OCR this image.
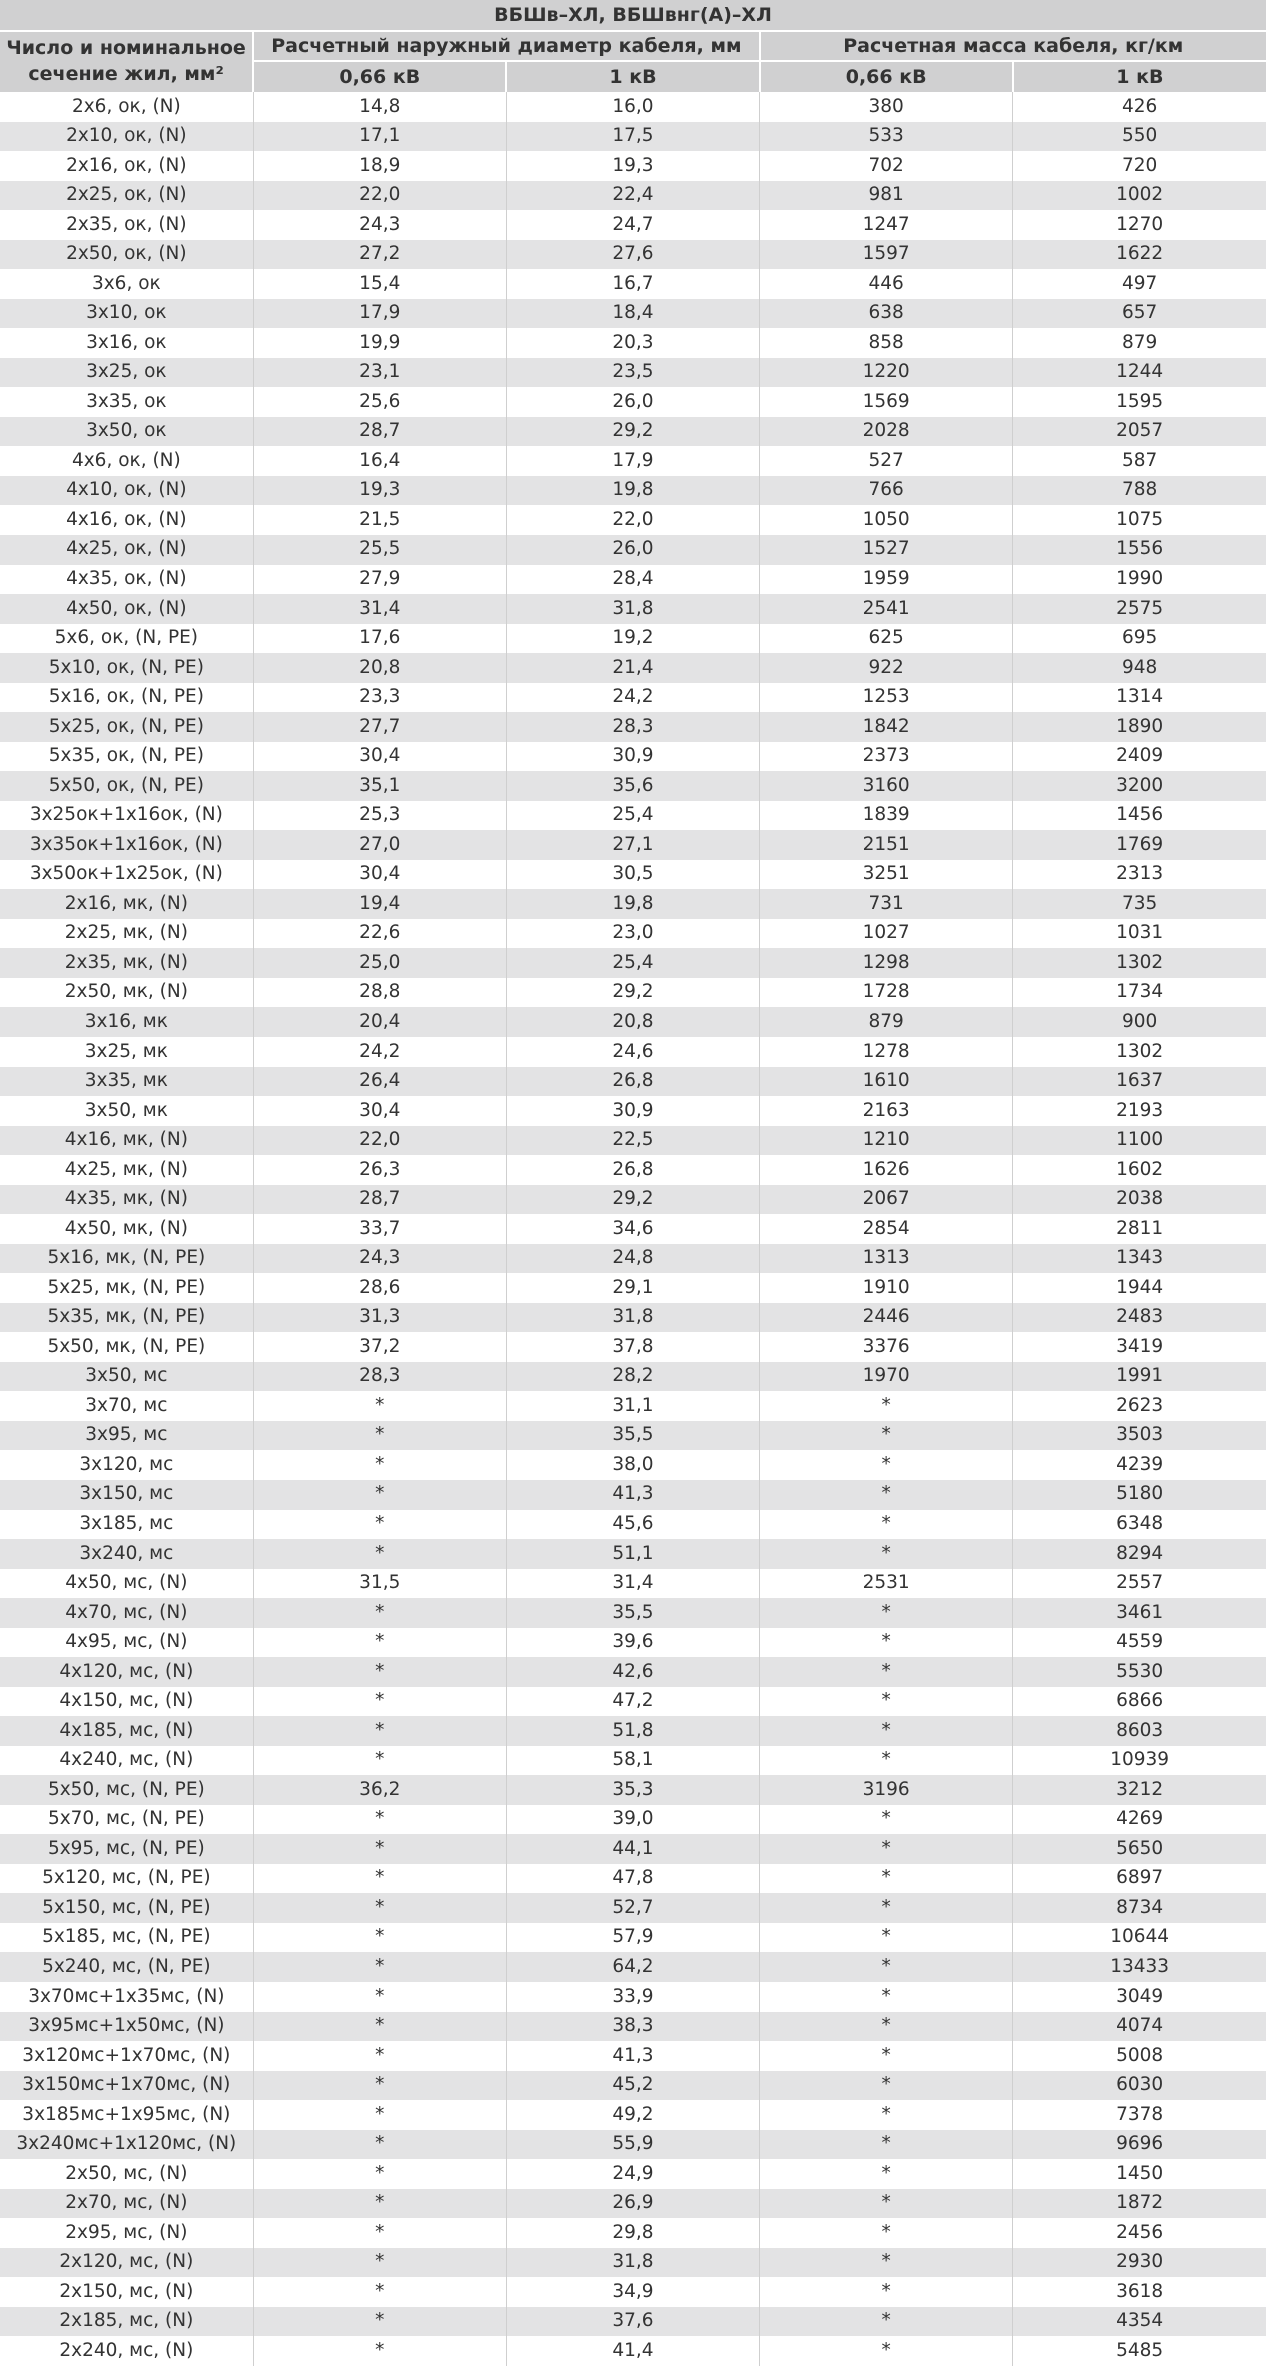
ВБШв–ХЛ, ВБШвнг(А)–ХЛ				
Число и номинальное сечение жил, мм²	Расчетный наружный диаметр кабеля, мм		Расчетная масса кабеля, кг/км	
	0,66 кВ	1 кВ	0,66 кВ	1 кВ
2х6, ок, (N)	14,8	16,0	380	426
2х10, ок, (N)	17,1	17,5	533	550
2х16, ок, (N)	18,9	19,3	702	720
2х25, ок, (N)	22,0	22,4	981	1002
2х35, ок, (N)	24,3	24,7	1247	1270
2х50, ок, (N)	27,2	27,6	1597	1622
3х6, ок	15,4	16,7	446	497
3х10, ок	17,9	18,4	638	657
3х16, ок	19,9	20,3	858	879
3х25, ок	23,1	23,5	1220	1244
3х35, ок	25,6	26,0	1569	1595
3х50, ок	28,7	29,2	2028	2057
4х6, ок, (N)	16,4	17,9	527	587
4х10, ок, (N)	19,3	19,8	766	788
4х16, ок, (N)	21,5	22,0	1050	1075
4х25, ок, (N)	25,5	26,0	1527	1556
4х35, ок, (N)	27,9	28,4	1959	1990
4х50, ок, (N)	31,4	31,8	2541	2575
5х6, ок, (N, PE)	17,6	19,2	625	695
5х10, ок, (N, PE)	20,8	21,4	922	948
5х16, ок, (N, PE)	23,3	24,2	1253	1314
5х25, ок, (N, PE)	27,7	28,3	1842	1890
5х35, ок, (N, PE)	30,4	30,9	2373	2409
5х50, ок, (N, PE)	35,1	35,6	3160	3200
3х25ок+1х16ок, (N)	25,3	25,4	1839	1456
3х35ок+1х16ок, (N)	27,0	27,1	2151	1769
3х50ок+1х25ок, (N)	30,4	30,5	3251	2313
2х16, мк, (N)	19,4	19,8	731	735
2х25, мк, (N)	22,6	23,0	1027	1031
2х35, мк, (N)	25,0	25,4	1298	1302
2х50, мк, (N)	28,8	29,2	1728	1734
3х16, мк	20,4	20,8	879	900
3х25, мк	24,2	24,6	1278	1302
3х35, мк	26,4	26,8	1610	1637
3х50, мк	30,4	30,9	2163	2193
4х16, мк, (N)	22,0	22,5	1210	1100
4х25, мк, (N)	26,3	26,8	1626	1602
4х35, мк, (N)	28,7	29,2	2067	2038
4х50, мк, (N)	33,7	34,6	2854	2811
5х16, мк, (N, PE)	24,3	24,8	1313	1343
5х25, мк, (N, PE)	28,6	29,1	1910	1944
5х35, мк, (N, PE)	31,3	31,8	2446	2483
5х50, мк, (N, PE)	37,2	37,8	3376	3419
3х50, мс	28,3	28,2	1970	1991
3х70, мс	*	31,1	*	2623
3х95, мс	*	35,5	*	3503
3х120, мс	*	38,0	*	4239
3х150, мс	*	41,3	*	5180
3х185, мс	*	45,6	*	6348
3х240, мс	*	51,1	*	8294
4х50, мс, (N)	31,5	31,4	2531	2557
4х70, мс, (N)	*	35,5	*	3461
4х95, мс, (N)	*	39,6	*	4559
4х120, мс, (N)	*	42,6	*	5530
4х150, мс, (N)	*	47,2	*	6866
4х185, мс, (N)	*	51,8	*	8603
4х240, мс, (N)	*	58,1	*	10939
5х50, мс, (N, PE)	36,2	35,3	3196	3212
5х70, мс, (N, PE)	*	39,0	*	4269
5х95, мс, (N, PE)	*	44,1	*	5650
5х120, мс, (N, PE)	*	47,8	*	6897
5х150, мс, (N, PE)	*	52,7	*	8734
5х185, мс, (N, PE)	*	57,9	*	10644
5х240, мс, (N, PE)	*	64,2	*	13433
3х70мс+1х35мс, (N)	*	33,9	*	3049
3х95мс+1х50мс, (N)	*	38,3	*	4074
3х120мс+1х70мс, (N)	*	41,3	*	5008
3х150мс+1х70мс, (N)	*	45,2	*	6030
3х185мс+1х95мс, (N)	*	49,2	*	7378
3х240мс+1х120мс, (N)	*	55,9	*	9696
2х50, мс, (N)	*	24,9	*	1450
2х70, мс, (N)	*	26,9	*	1872
2х95, мс, (N)	*	29,8	*	2456
2х120, мс, (N)	*	31,8	*	2930
2х150, мс, (N)	*	34,9	*	3618
2х185, мс, (N)	*	37,6	*	4354
2х240, мс, (N)	*	41,4	*	5485
